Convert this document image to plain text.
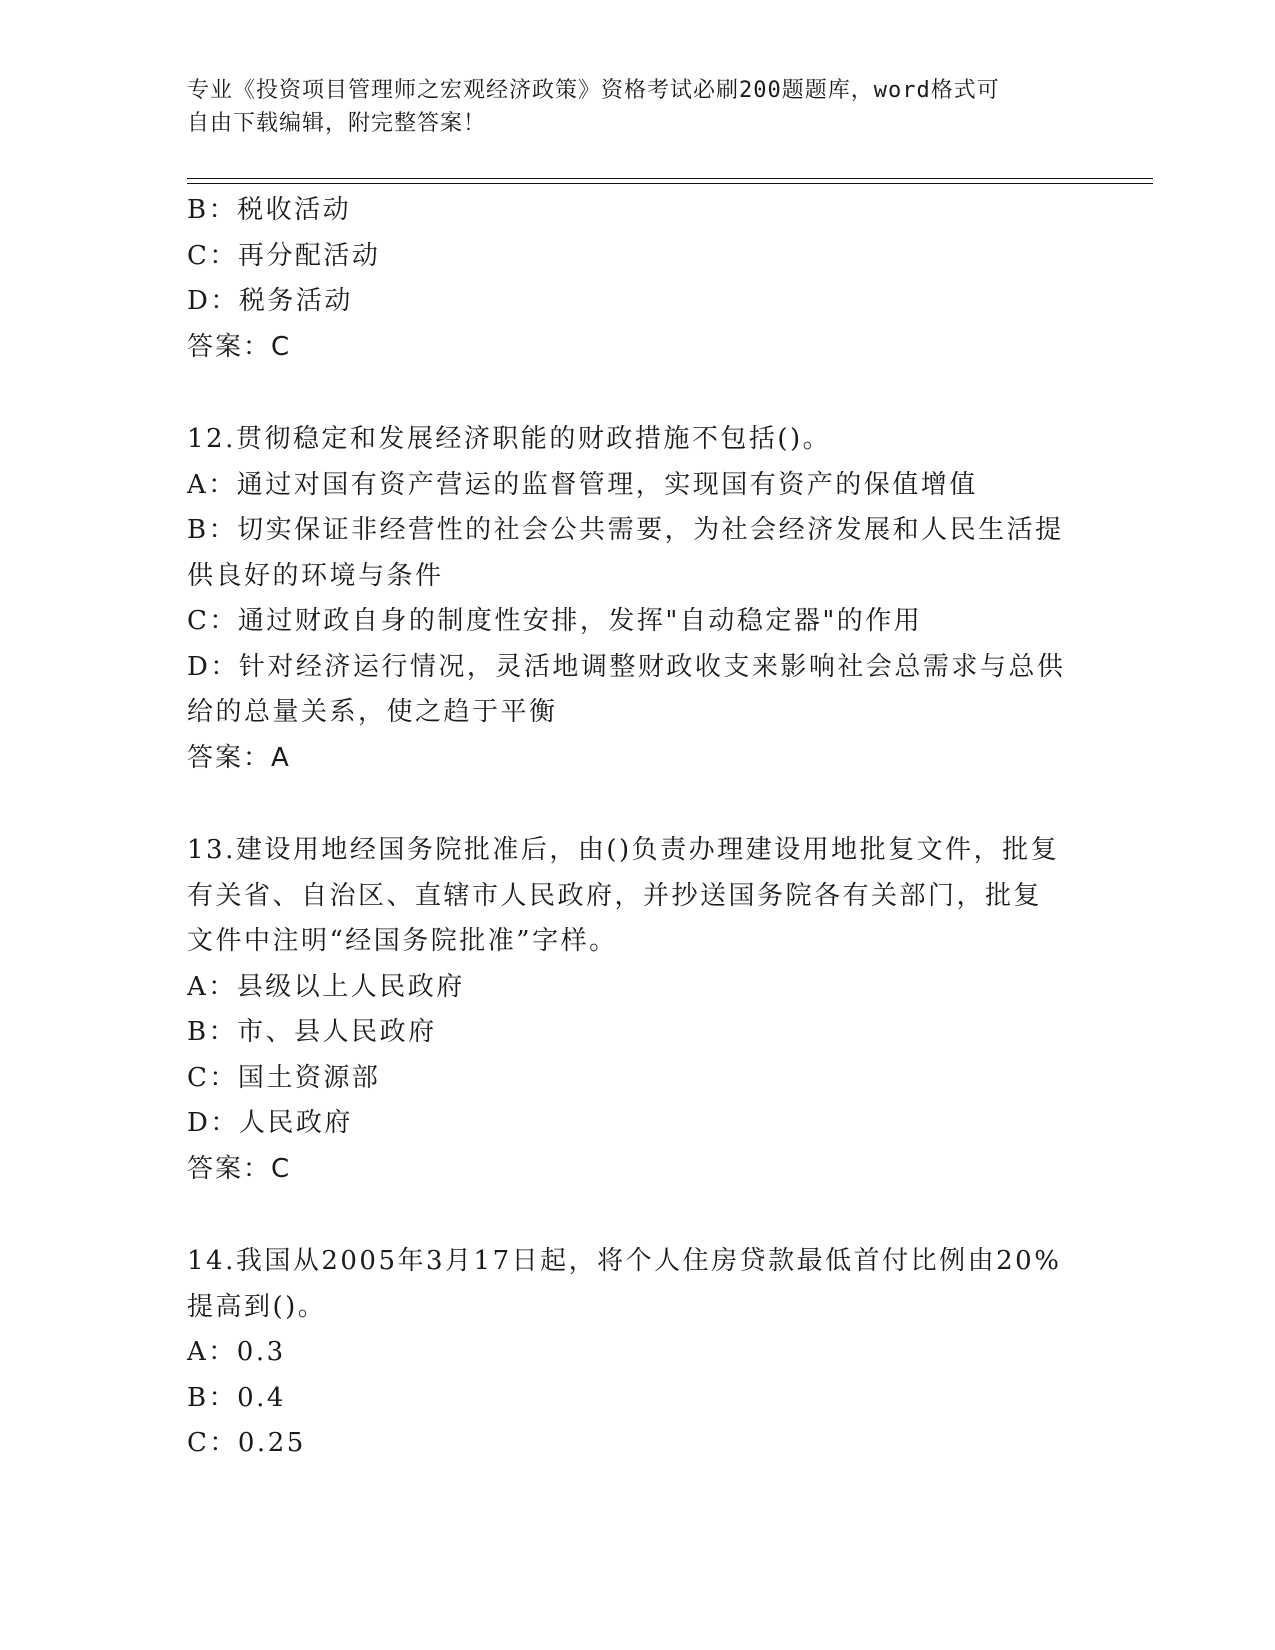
专业《投资项目管理师之宏观经济政策》资格考试必刷200题题库，word格式可
自由下载编辑，附完整答案！
B：税收活动
C：再分配活动
D：税务活动
答案：C
12.贯彻稳定和发展经济职能的财政措施不包括()。
A：通过对国有资产营运的监督管理，实现国有资产的保值增值
B：切实保证非经营性的社会公共需要，为社会经济发展和人民生活提
供良好的环境与条件
C：通过财政自身的制度性安排，发挥"自动稳定器"的作用
D：针对经济运行情况，灵活地调整财政收支来影响社会总需求与总供
给的总量关系，使之趋于平衡
答案：A
13.建设用地经国务院批准后，由()负责办理建设用地批复文件，批复
有关省、自治区、直辖市人民政府，并抄送国务院各有关部门，批复
文件中注明“经国务院批准”字样。
A：县级以上人民政府
B：市、县人民政府
C：国土资源部
D：人民政府
答案：C
14.我国从2005年3月17日起，将个人住房贷款最低首付比例由20%
提高到()。
A：0.3
B：0.4
C：0.25
